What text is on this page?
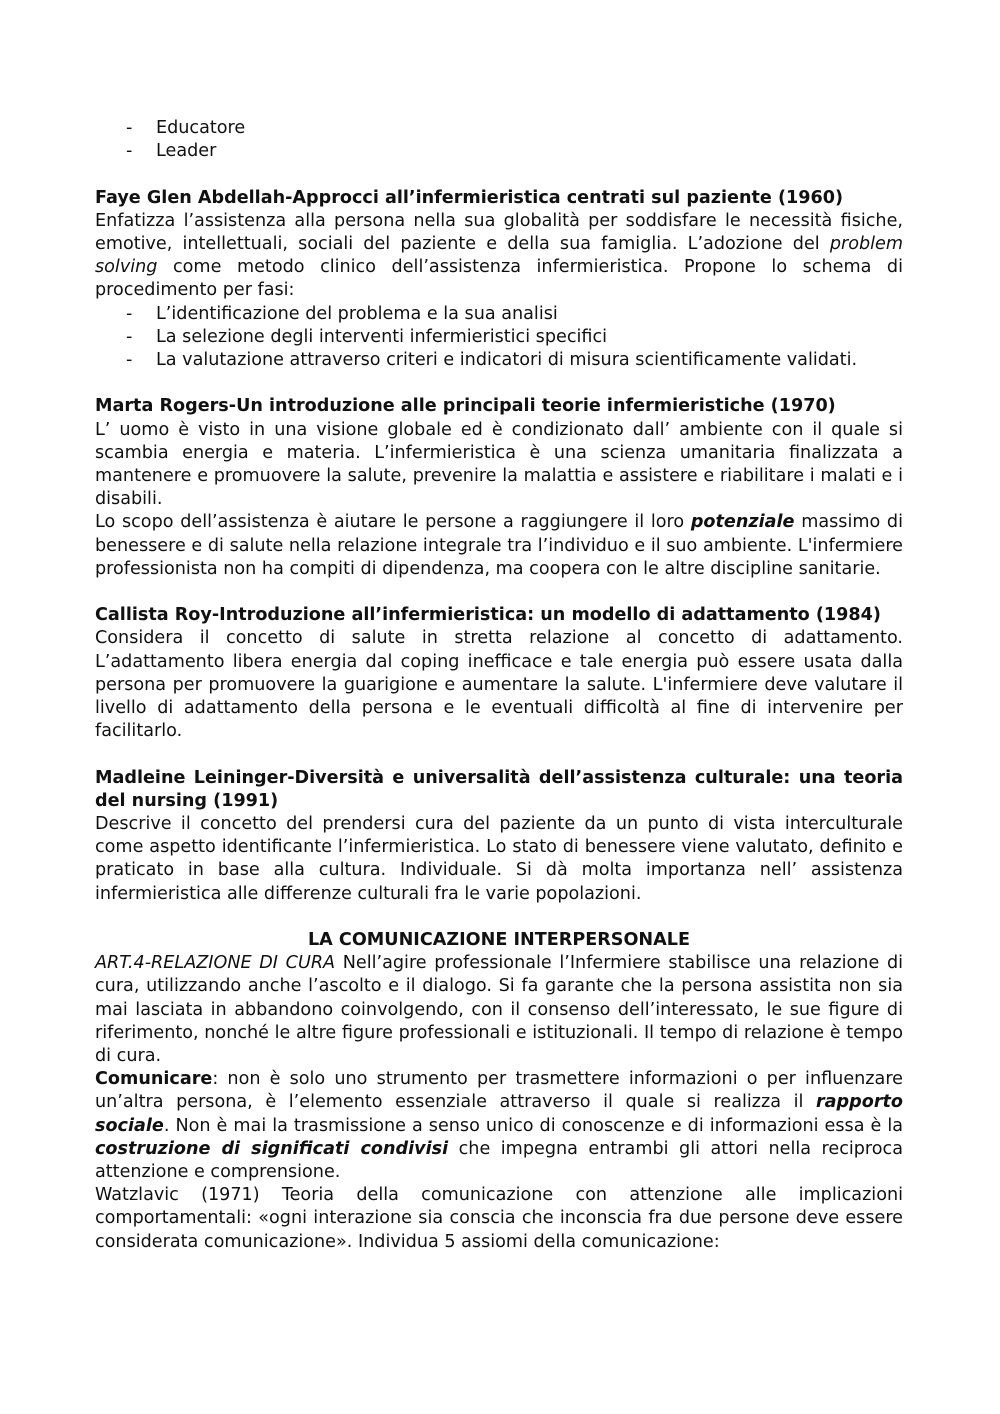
- Educatore
- Leader
Faye Glen Abdellah-Approcci all’infermieristica centrati sul paziente (1960)
Enfatizza l’assistenza alla persona nella sua globalità per soddisfare le necessità fisiche, emotive, intellettuali, sociali del paziente e della sua famiglia. L’adozione del problem solving come metodo clinico dell’assistenza infermieristica. Propone lo schema di procedimento per fasi:
- L’identificazione del problema e la sua analisi
- La selezione degli interventi infermieristici specifici
- La valutazione attraverso criteri e indicatori di misura scientificamente validati.
Marta Rogers-Un introduzione alle principali teorie infermieristiche (1970)
L’ uomo è visto in una visione globale ed è condizionato dall’ ambiente con il quale si scambia energia e materia. L’infermieristica è una scienza umanitaria finalizzata a mantenere e promuovere la salute, prevenire la malattia e assistere e riabilitare i malati e i disabili.
Lo scopo dell’assistenza è aiutare le persone a raggiungere il loro potenziale massimo di benessere e di salute nella relazione integrale tra l’individuo e il suo ambiente. L'infermiere professionista non ha compiti di dipendenza, ma coopera con le altre discipline sanitarie.
Callista Roy-Introduzione all’infermieristica: un modello di adattamento (1984)
Considera il concetto di salute in stretta relazione al concetto di adattamento. L’adattamento libera energia dal coping inefficace e tale energia può essere usata dalla persona per promuovere la guarigione e aumentare la salute. L'infermiere deve valutare il livello di adattamento della persona e le eventuali difficoltà al fine di intervenire per facilitarlo.
Madleine Leininger-Diversità e universalità dell’assistenza culturale: una teoria del nursing (1991)
Descrive il concetto del prendersi cura del paziente da un punto di vista interculturale come aspetto identificante l’infermieristica. Lo stato di benessere viene valutato, definito e praticato in base alla cultura. Individuale. Si dà molta importanza nell’ assistenza infermieristica alle differenze culturali fra le varie popolazioni.
LA COMUNICAZIONE INTERPERSONALE
ART.4-RELAZIONE DI CURA Nell’agire professionale l’Infermiere stabilisce una relazione di cura, utilizzando anche l’ascolto e il dialogo. Si fa garante che la persona assistita non sia mai lasciata in abbandono coinvolgendo, con il consenso dell’interessato, le sue figure di riferimento, nonché le altre figure professionali e istituzionali. Il tempo di relazione è tempo di cura.
Comunicare: non è solo uno strumento per trasmettere informazioni o per influenzare un’altra persona, è l’elemento essenziale attraverso il quale si realizza il rapporto sociale. Non è mai la trasmissione a senso unico di conoscenze e di informazioni essa è la costruzione di significati condivisi che impegna entrambi gli attori nella reciproca attenzione e comprensione.
Watzlavic (1971) Teoria della comunicazione con attenzione alle implicazioni comportamentali: «ogni interazione sia conscia che inconscia fra due persone deve essere considerata comunicazione». Individua 5 assiomi della comunicazione:
